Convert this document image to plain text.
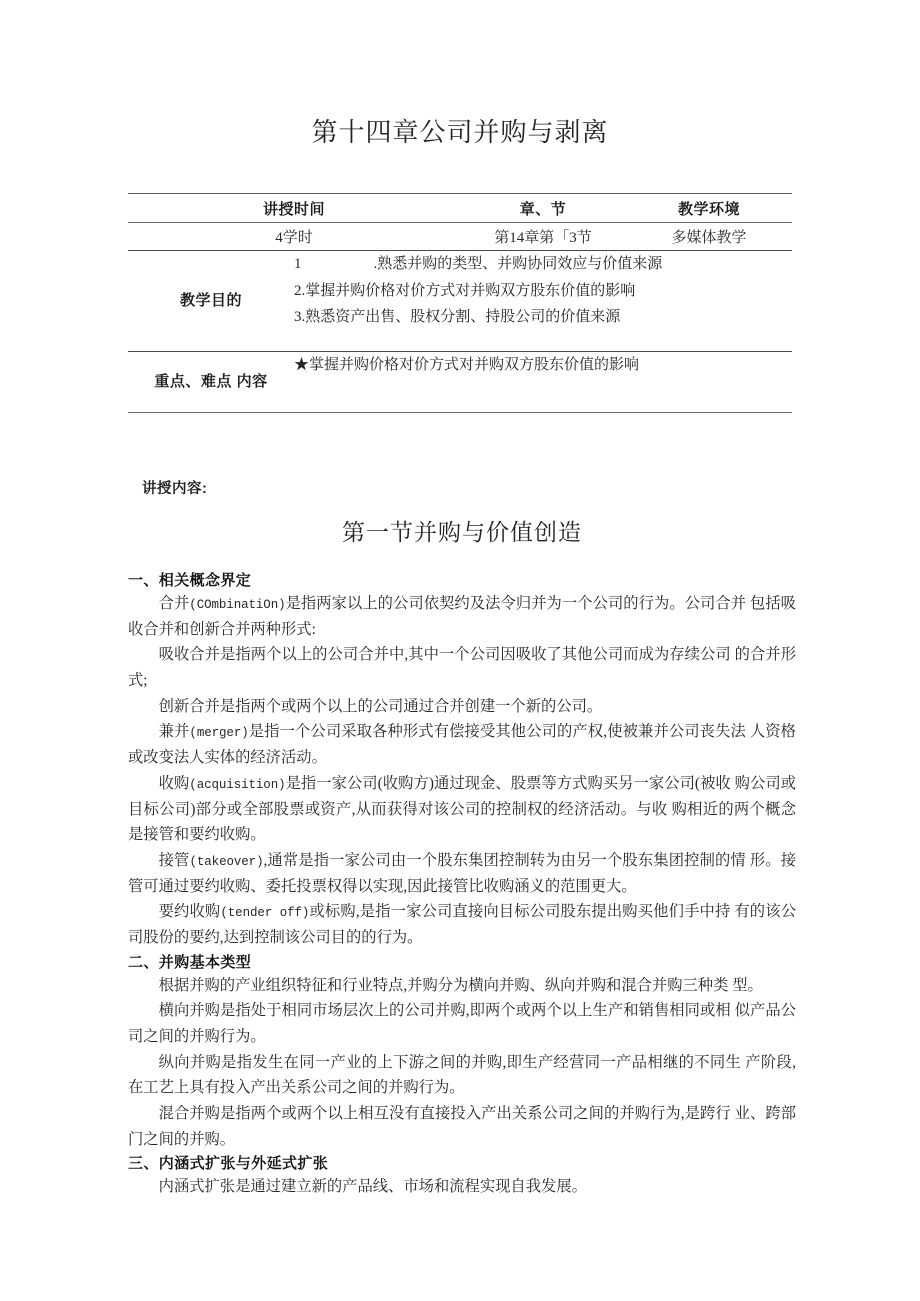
第十四章公司并购与剥离
讲授时间		章、节	教学环境
4学时		第14章第「3节	多媒体教学
教学目的	1 .熟悉并购的类型、并购协同效应与价值来源
2.掌握并购价格对价方式对并购双方股东价值的影响
3.熟悉资产出售、股权分割、持股公司的价值来源		

重点、难点 内容	★掌握并购价格对价方式对并购双方股东价值的影响		
讲授内容:
第一节并购与价值创造
一、相关概念界定

合并(COmbinatiOn)是指两家以上的公司依契约及法令归并为一个公司的行为。公司合并 包括吸收合并和创新合并两种形式:

吸收合并是指两个以上的公司合并中,其中一个公司因吸收了其他公司而成为存续公司 的合并形式;

创新合并是指两个或两个以上的公司通过合并创建一个新的公司。

兼并(merger)是指一个公司采取各种形式有偿接受其他公司的产权,使被兼并公司丧失法 人资格或改变法人实体的经济活动。

收购(acquisition)是指一家公司(收购方)通过现金、股票等方式购买另一家公司(被收 购公司或目标公司)部分或全部股票或资产,从而获得对该公司的控制权的经济活动。与收 购相近的两个概念是接管和要约收购。

接管(takeover),通常是指一家公司由一个股东集团控制转为由另一个股东集团控制的情 形。接管可通过要约收购、委托投票权得以实现,因此接管比收购涵义的范围更大。

要约收购(tender off)或标购,是指一家公司直接向目标公司股东提出购买他们手中持 有的该公司股份的要约,达到控制该公司目的的行为。

二、并购基本类型

根据并购的产业组织特征和行业特点,并购分为横向并购、纵向并购和混合并购三种类 型。

横向并购是指处于相同市场层次上的公司并购,即两个或两个以上生产和销售相同或相 似产品公司之间的并购行为。

纵向并购是指发生在同一产业的上下游之间的并购,即生产经营同一产品相继的不同生 产阶段,在工艺上具有投入产出关系公司之间的并购行为。

混合并购是指两个或两个以上相互没有直接投入产出关系公司之间的并购行为,是跨行 业、跨部门之间的并购。

三、内涵式扩张与外延式扩张

内涵式扩张是通过建立新的产品线、市场和流程实现自我发展。
